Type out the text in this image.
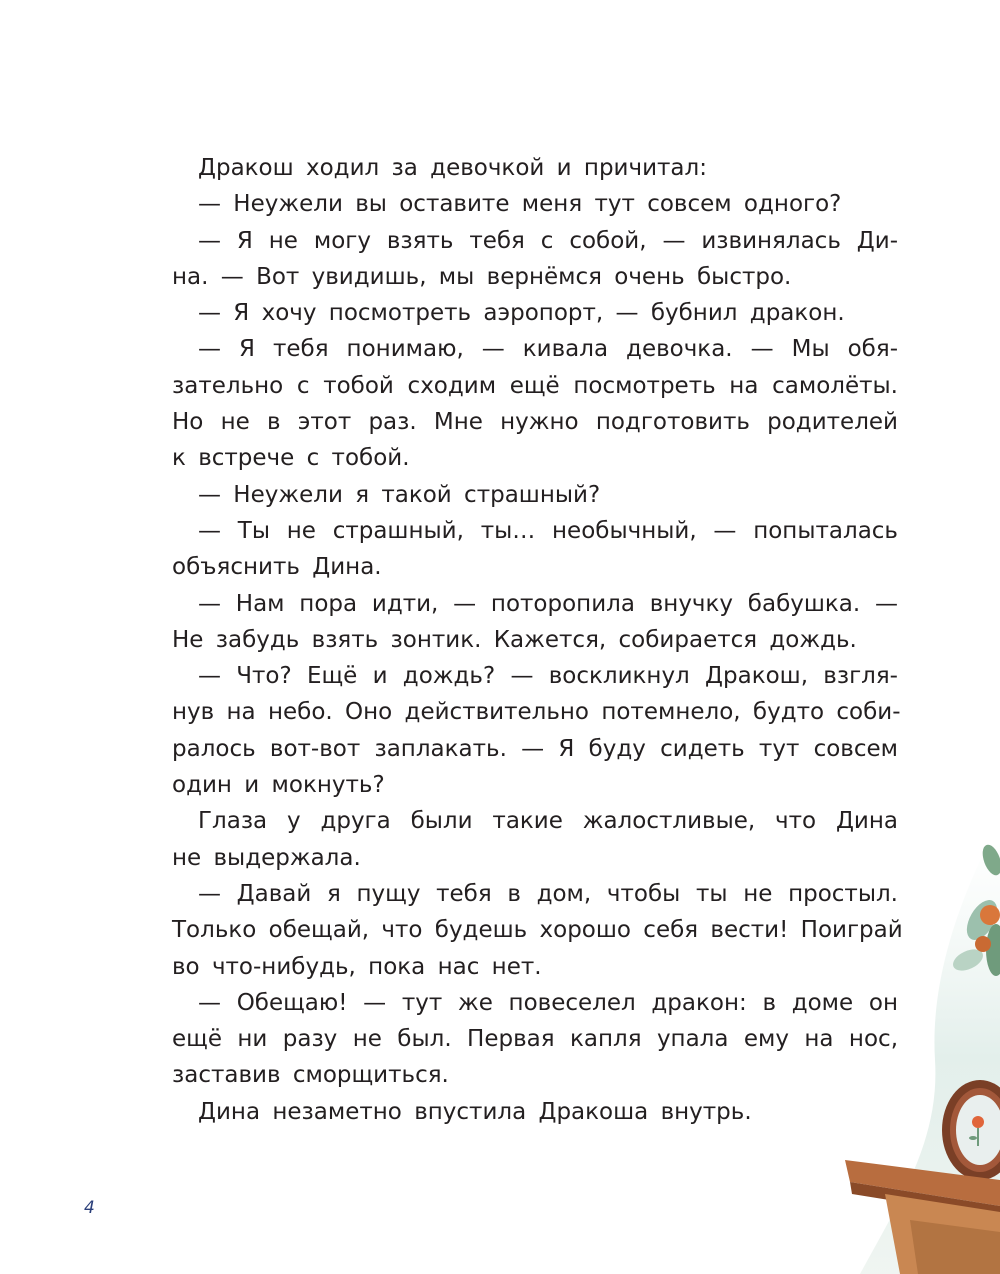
Дракош ходил за девочкой и причитал:
— Неужели вы оставите меня тут совсем одного?
— Я не могу взять тебя с собой, — извинялась Ди-
на. — Вот увидишь, мы вернёмся очень быстро.
— Я хочу посмотреть аэропорт, — бубнил дракон.
— Я тебя понимаю, — кивала девочка. — Мы обя-
зательно с тобой сходим ещё посмотреть на самолёты.
Но не в этот раз. Мне нужно подготовить родителей
к встрече с тобой.
— Неужели я такой страшный?
— Ты не страшный, ты… необычный, — попыталась
объяснить Дина.
— Нам пора идти, — поторопила внучку бабушка. —
Не забудь взять зонтик. Кажется, собирается дождь.
— Что? Ещё и дождь? — воскликнул Дракош, взгля-
нув на небо. Оно действительно потемнело, будто соби-
ралось вот-вот заплакать. — Я буду сидеть тут совсем
один и мокнуть?
Глаза у друга были такие жалостливые, что Дина
не выдержала.
— Давай я пущу тебя в дом, чтобы ты не простыл.
Только обещай, что будешь хорошо себя вести! Поиграй
во что-нибудь, пока нас нет.
— Обещаю! — тут же повеселел дракон: в доме он
ещё ни разу не был. Первая капля упала ему на нос,
заставив сморщиться.
Дина незаметно впустила Дракоша внутрь.
4
